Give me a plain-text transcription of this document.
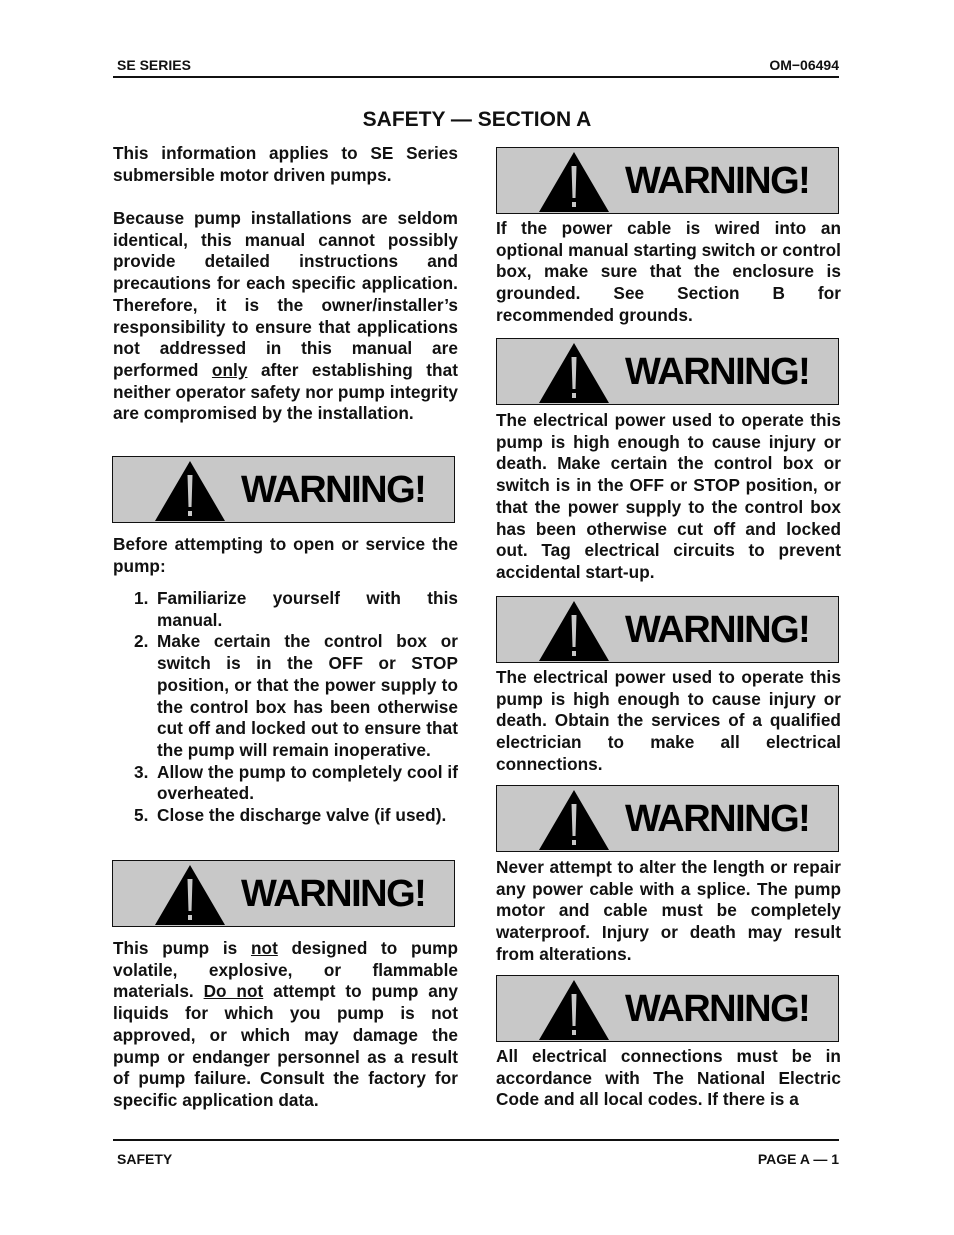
SE SERIES	OM−06494
SAFETY — SECTION A
This information applies to SE Series submersible motor driven pumps.
Because pump installations are seldom identical, this manual cannot possibly provide detailed instructions and precautions for each specific application. Therefore, it is the owner/installer’s responsibility to ensure that applications not addressed in this manual are performed only after establishing that neither operator safety nor pump integrity are compromised by the installation.
WARNING!
Before attempting to open or service the pump:
1. Familiarize yourself with this manual.
2. Make certain the control box or switch is in the OFF or STOP position, or that the power supply to the control box has been otherwise cut off and locked out to ensure that the pump will remain inoperative.
3. Allow the pump to completely cool if overheated.
5. Close the discharge valve (if used).
WARNING!
This pump is not designed to pump volatile, explosive, or flammable materials. Do not attempt to pump any liquids for which you pump is not approved, or which may damage the pump or endanger personnel as a result of pump failure. Consult the factory for specific application data.
WARNING!
If the power cable is wired into an optional manual starting switch or control box, make sure that the enclosure is grounded. See Section B for recommended grounds.
WARNING!
The electrical power used to operate this pump is high enough to cause injury or death. Make certain the control box or switch is in the OFF or STOP position, or that the power supply to the control box has been otherwise cut off and locked out. Tag electrical circuits to prevent accidental start-up.
WARNING!
The electrical power used to operate this pump is high enough to cause injury or death. Obtain the services of a qualified electrician to make all electrical connections.
WARNING!
Never attempt to alter the length or repair any power cable with a splice. The pump motor and cable must be completely waterproof. Injury or death may result from alterations.
WARNING!
All electrical connections must be in accordance with The National Electric Code and all local codes. If there is a
SAFETY	PAGE A — 1
